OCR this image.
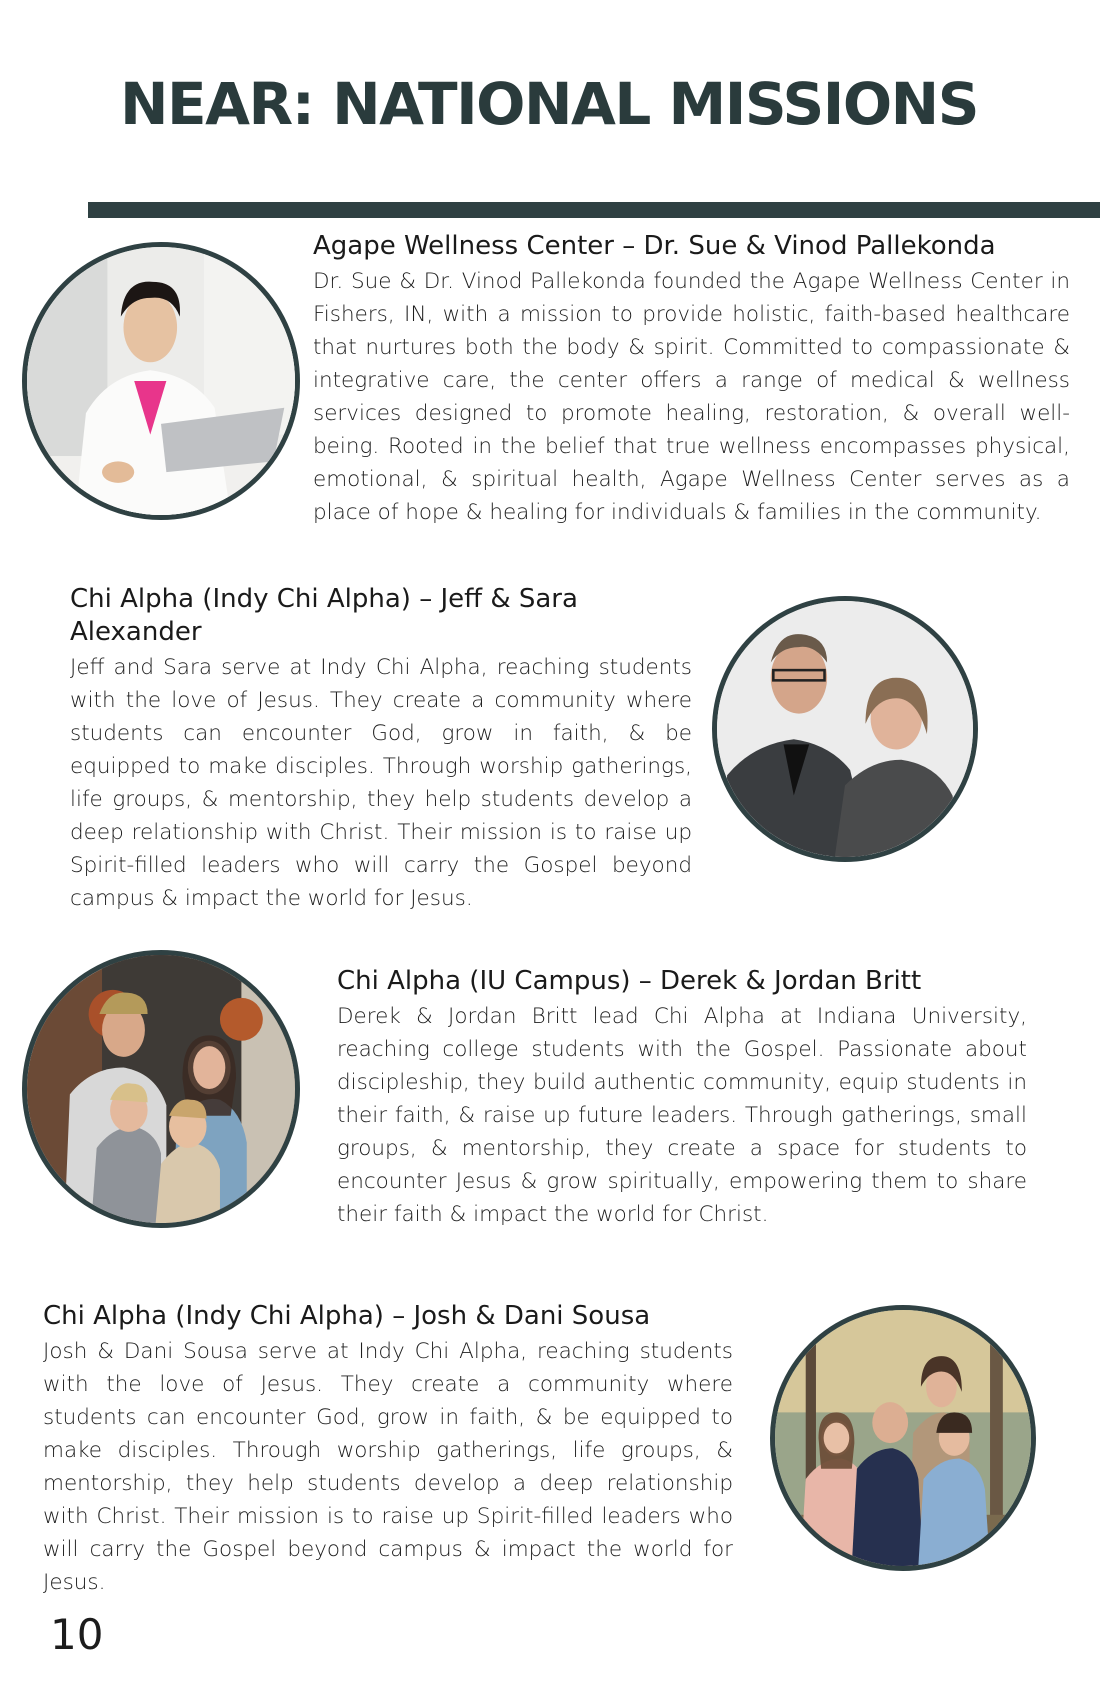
NEAR: NATIONAL MISSIONS
Agape Wellness Center – Dr. Sue & Vinod Pallekonda

Dr. Sue & Dr. Vinod Pallekonda founded the Agape Wellness Center in Fishers, IN, with a mission to provide holistic, faith-based healthcare that nurtures both the body & spirit. Committed to compassionate & integrative care, the center offers a range of medical & wellness services designed to promote healing, restoration, & overall well-being. Rooted in the belief that true wellness encompasses physical, emotional, & spiritual health, Agape Wellness Center serves as a place of hope & healing for individuals & families in the community.

Chi Alpha (Indy Chi Alpha) – Jeff & Sara Alexander

Jeff and Sara serve at Indy Chi Alpha, reaching students with the love of Jesus. They create a community where students can encounter God, grow in faith, & be equipped to make disciples. Through worship gatherings, life groups, & mentorship, they help students develop a deep relationship with Christ. Their mission is to raise up Spirit-filled leaders who will carry the Gospel beyond campus & impact the world for Jesus.

Chi Alpha (IU Campus) – Derek & Jordan Britt

Derek & Jordan Britt lead Chi Alpha at Indiana University, reaching college students with the Gospel. Passionate about discipleship, they build authentic community, equip students in their faith, & raise up future leaders. Through gatherings, small groups, & mentorship, they create a space for students to encounter Jesus & grow spiritually, empowering them to share their faith & impact the world for Christ.

Chi Alpha (Indy Chi Alpha) – Josh & Dani Sousa

Josh & Dani Sousa serve at Indy Chi Alpha, reaching students with the love of Jesus. They create a community where students can encounter God, grow in faith, & be equipped to make disciples. Through worship gatherings, life groups, & mentorship, they help students develop a deep relationship with Christ. Their mission is to raise up Spirit-filled leaders who will carry the Gospel beyond campus & impact the world for Jesus.

10
